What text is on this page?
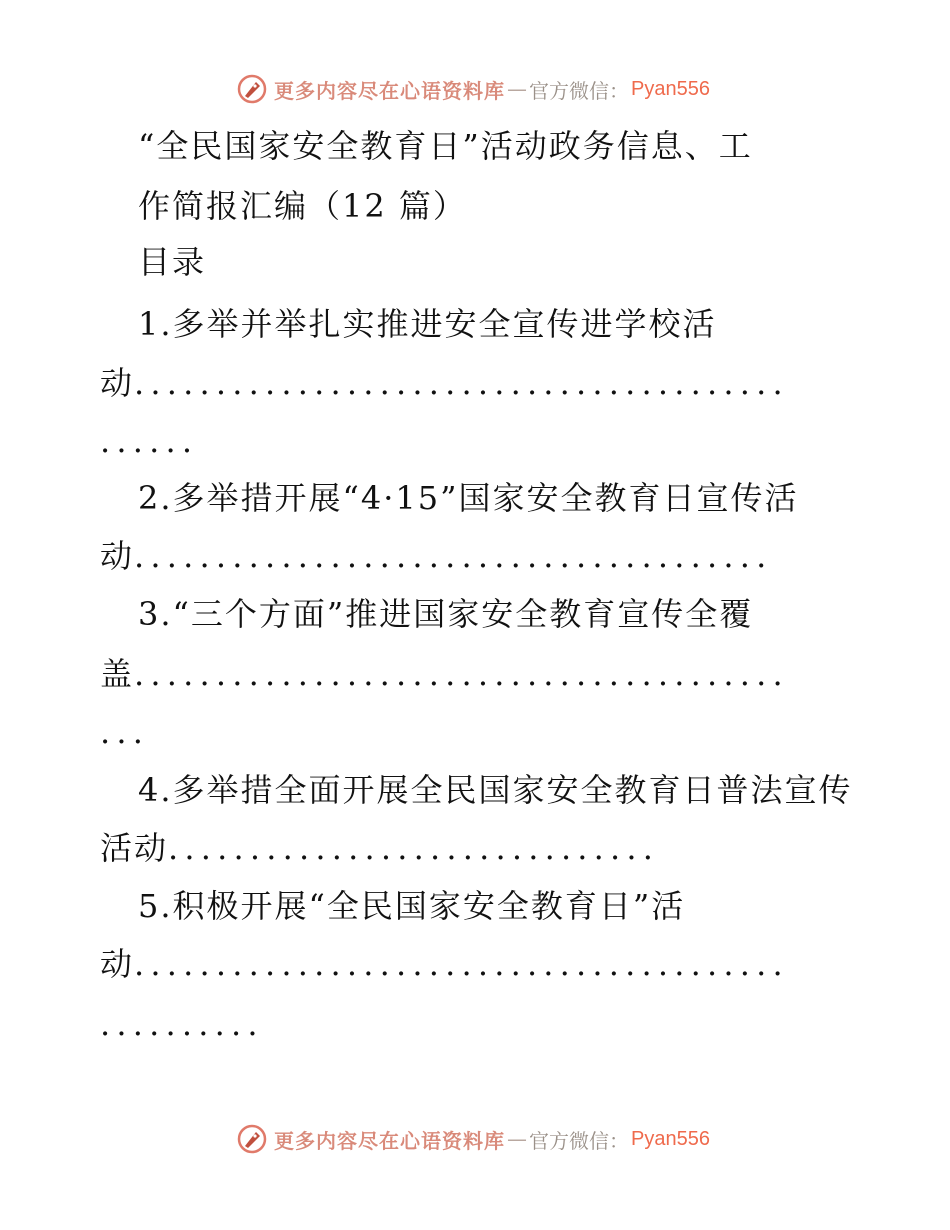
更多内容尽在心语资料库 — 官方微信： Pyan556
“全民国家安全教育日”活动政务信息、工
作简报汇编（12 篇）
目录
1.多举并举扎实推进安全宣传进学校活
动........................................
......
2.多举措开展“4·15”国家安全教育日宣传活
动.......................................
3.“三个方面”推进国家安全教育宣传全覆
盖........................................
...
4.多举措全面开展全民国家安全教育日普法宣传
活动..............................
5.积极开展“全民国家安全教育日”活
动........................................
..........
更多内容尽在心语资料库 — 官方微信： Pyan556
